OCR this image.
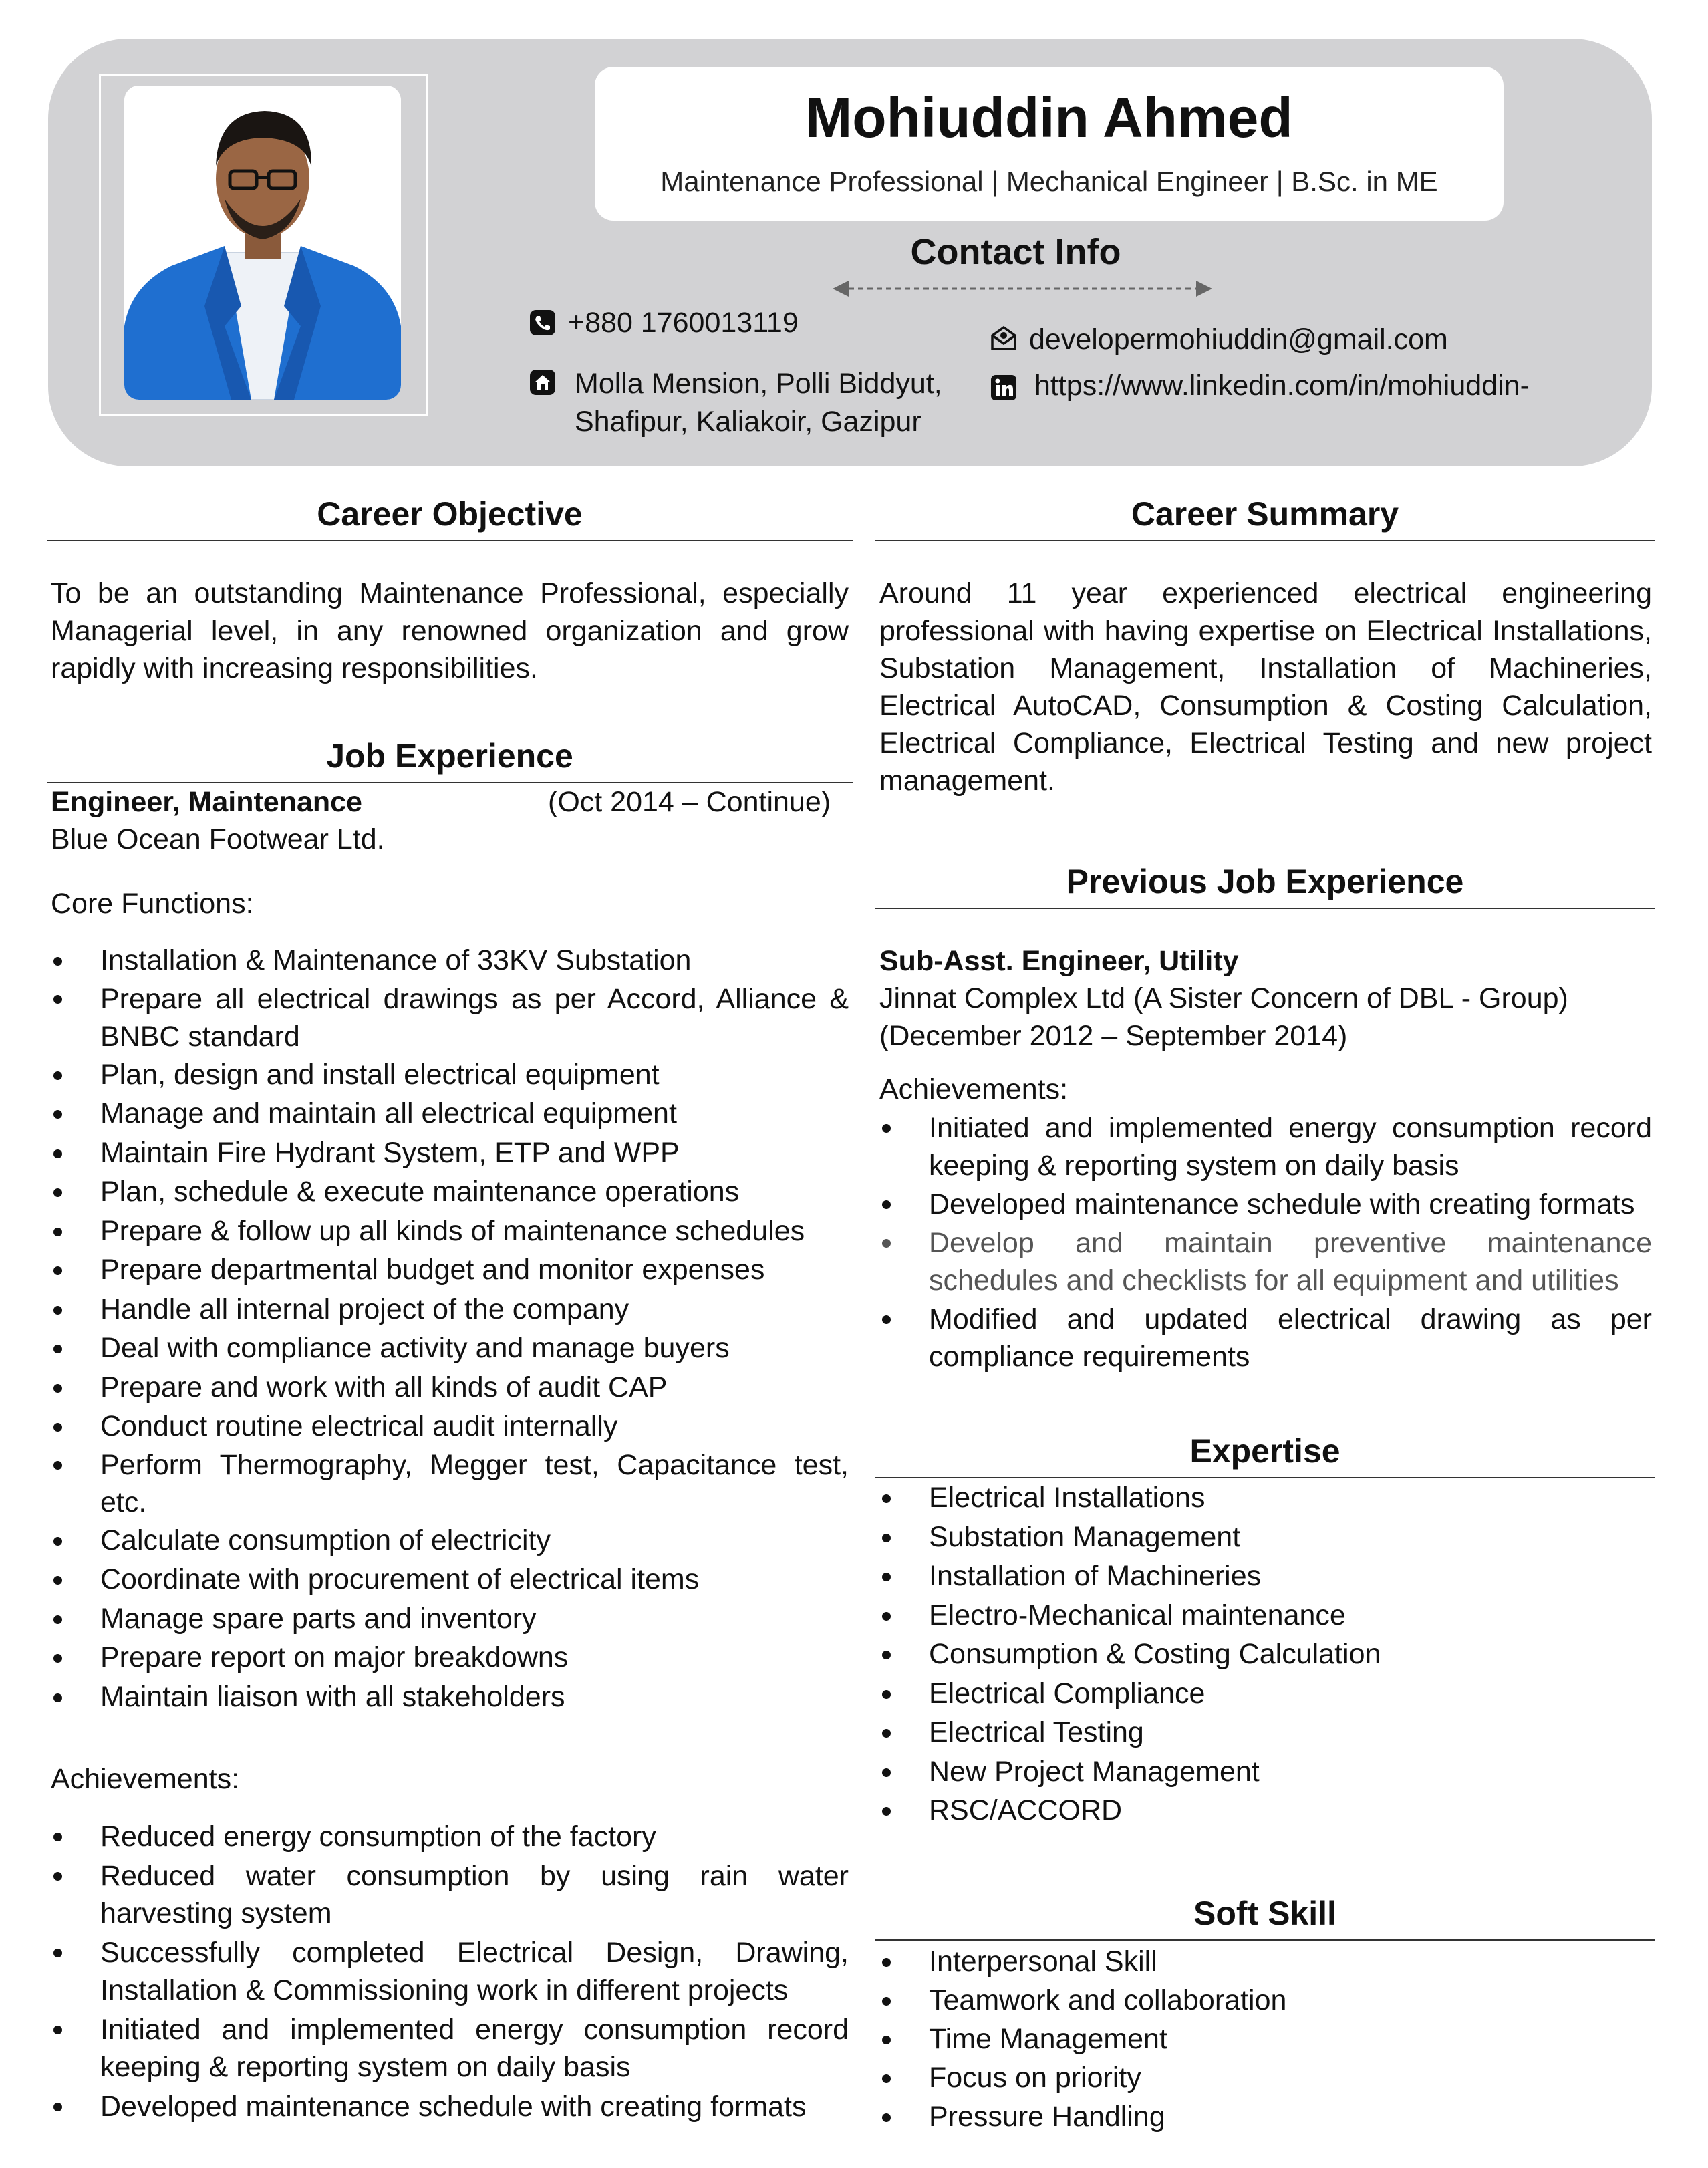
Mohiuddin Ahmed
Maintenance Professional | Mechanical Engineer | B.Sc. in ME
Contact Info
+880 1760013119
Molla Mension, Polli Biddyut,
Shafipur, Kaliakoir, Gazipur
developermohiuddin@gmail.com
https://www.linkedin.com/in/mohiuddin-
Career Objective
To be an outstanding Maintenance Professional, especially Managerial level, in any renowned organization and grow rapidly with increasing responsibilities.
Job Experience
Engineer, Maintenance	(Oct 2014 – Continue)
Blue Ocean Footwear Ltd.
Core Functions:
Installation & Maintenance of 33KV Substation
Prepare all electrical drawings as per Accord, Alliance & BNBC standard
Plan, design and install electrical equipment
Manage and maintain all electrical equipment
Maintain Fire Hydrant System, ETP and WPP
Plan, schedule & execute maintenance operations
Prepare & follow up all kinds of maintenance schedules
Prepare departmental budget and monitor expenses
Handle all internal project of the company
Deal with compliance activity and manage buyers
Prepare and work with all kinds of audit CAP
Conduct routine electrical audit internally
Perform Thermography, Megger test, Capacitance test, etc.
Calculate consumption of electricity
Coordinate with procurement of electrical items
Manage spare parts and inventory
Prepare report on major breakdowns
Maintain liaison with all stakeholders
Achievements:
Reduced energy consumption of the factory
Reduced water consumption by using rain water harvesting system
Successfully completed Electrical Design, Drawing, Installation & Commissioning work in different projects
Initiated and implemented energy consumption record keeping & reporting system on daily basis
Developed maintenance schedule with creating formats
Career Summary
Around 11 year experienced electrical engineering professional with having expertise on Electrical Installations, Substation Management, Installation of Machineries, Electrical AutoCAD, Consumption & Costing Calculation, Electrical Compliance, Electrical Testing and new project management.
Previous Job Experience
Sub-Asst. Engineer, Utility
Jinnat Complex Ltd (A Sister Concern of DBL - Group)
(December 2012 – September 2014)
Achievements:
Initiated and implemented energy consumption record keeping & reporting system on daily basis
Developed maintenance schedule with creating formats
Develop and maintain preventive maintenance schedules and checklists for all equipment and utilities
Modified and updated electrical drawing as per compliance requirements
Expertise
Electrical Installations
Substation Management
Installation of Machineries
Electro-Mechanical maintenance
Consumption & Costing Calculation
Electrical Compliance
Electrical Testing
New Project Management
RSC/ACCORD
Soft Skill
Interpersonal Skill
Teamwork and collaboration
Time Management
Focus on priority
Pressure Handling
